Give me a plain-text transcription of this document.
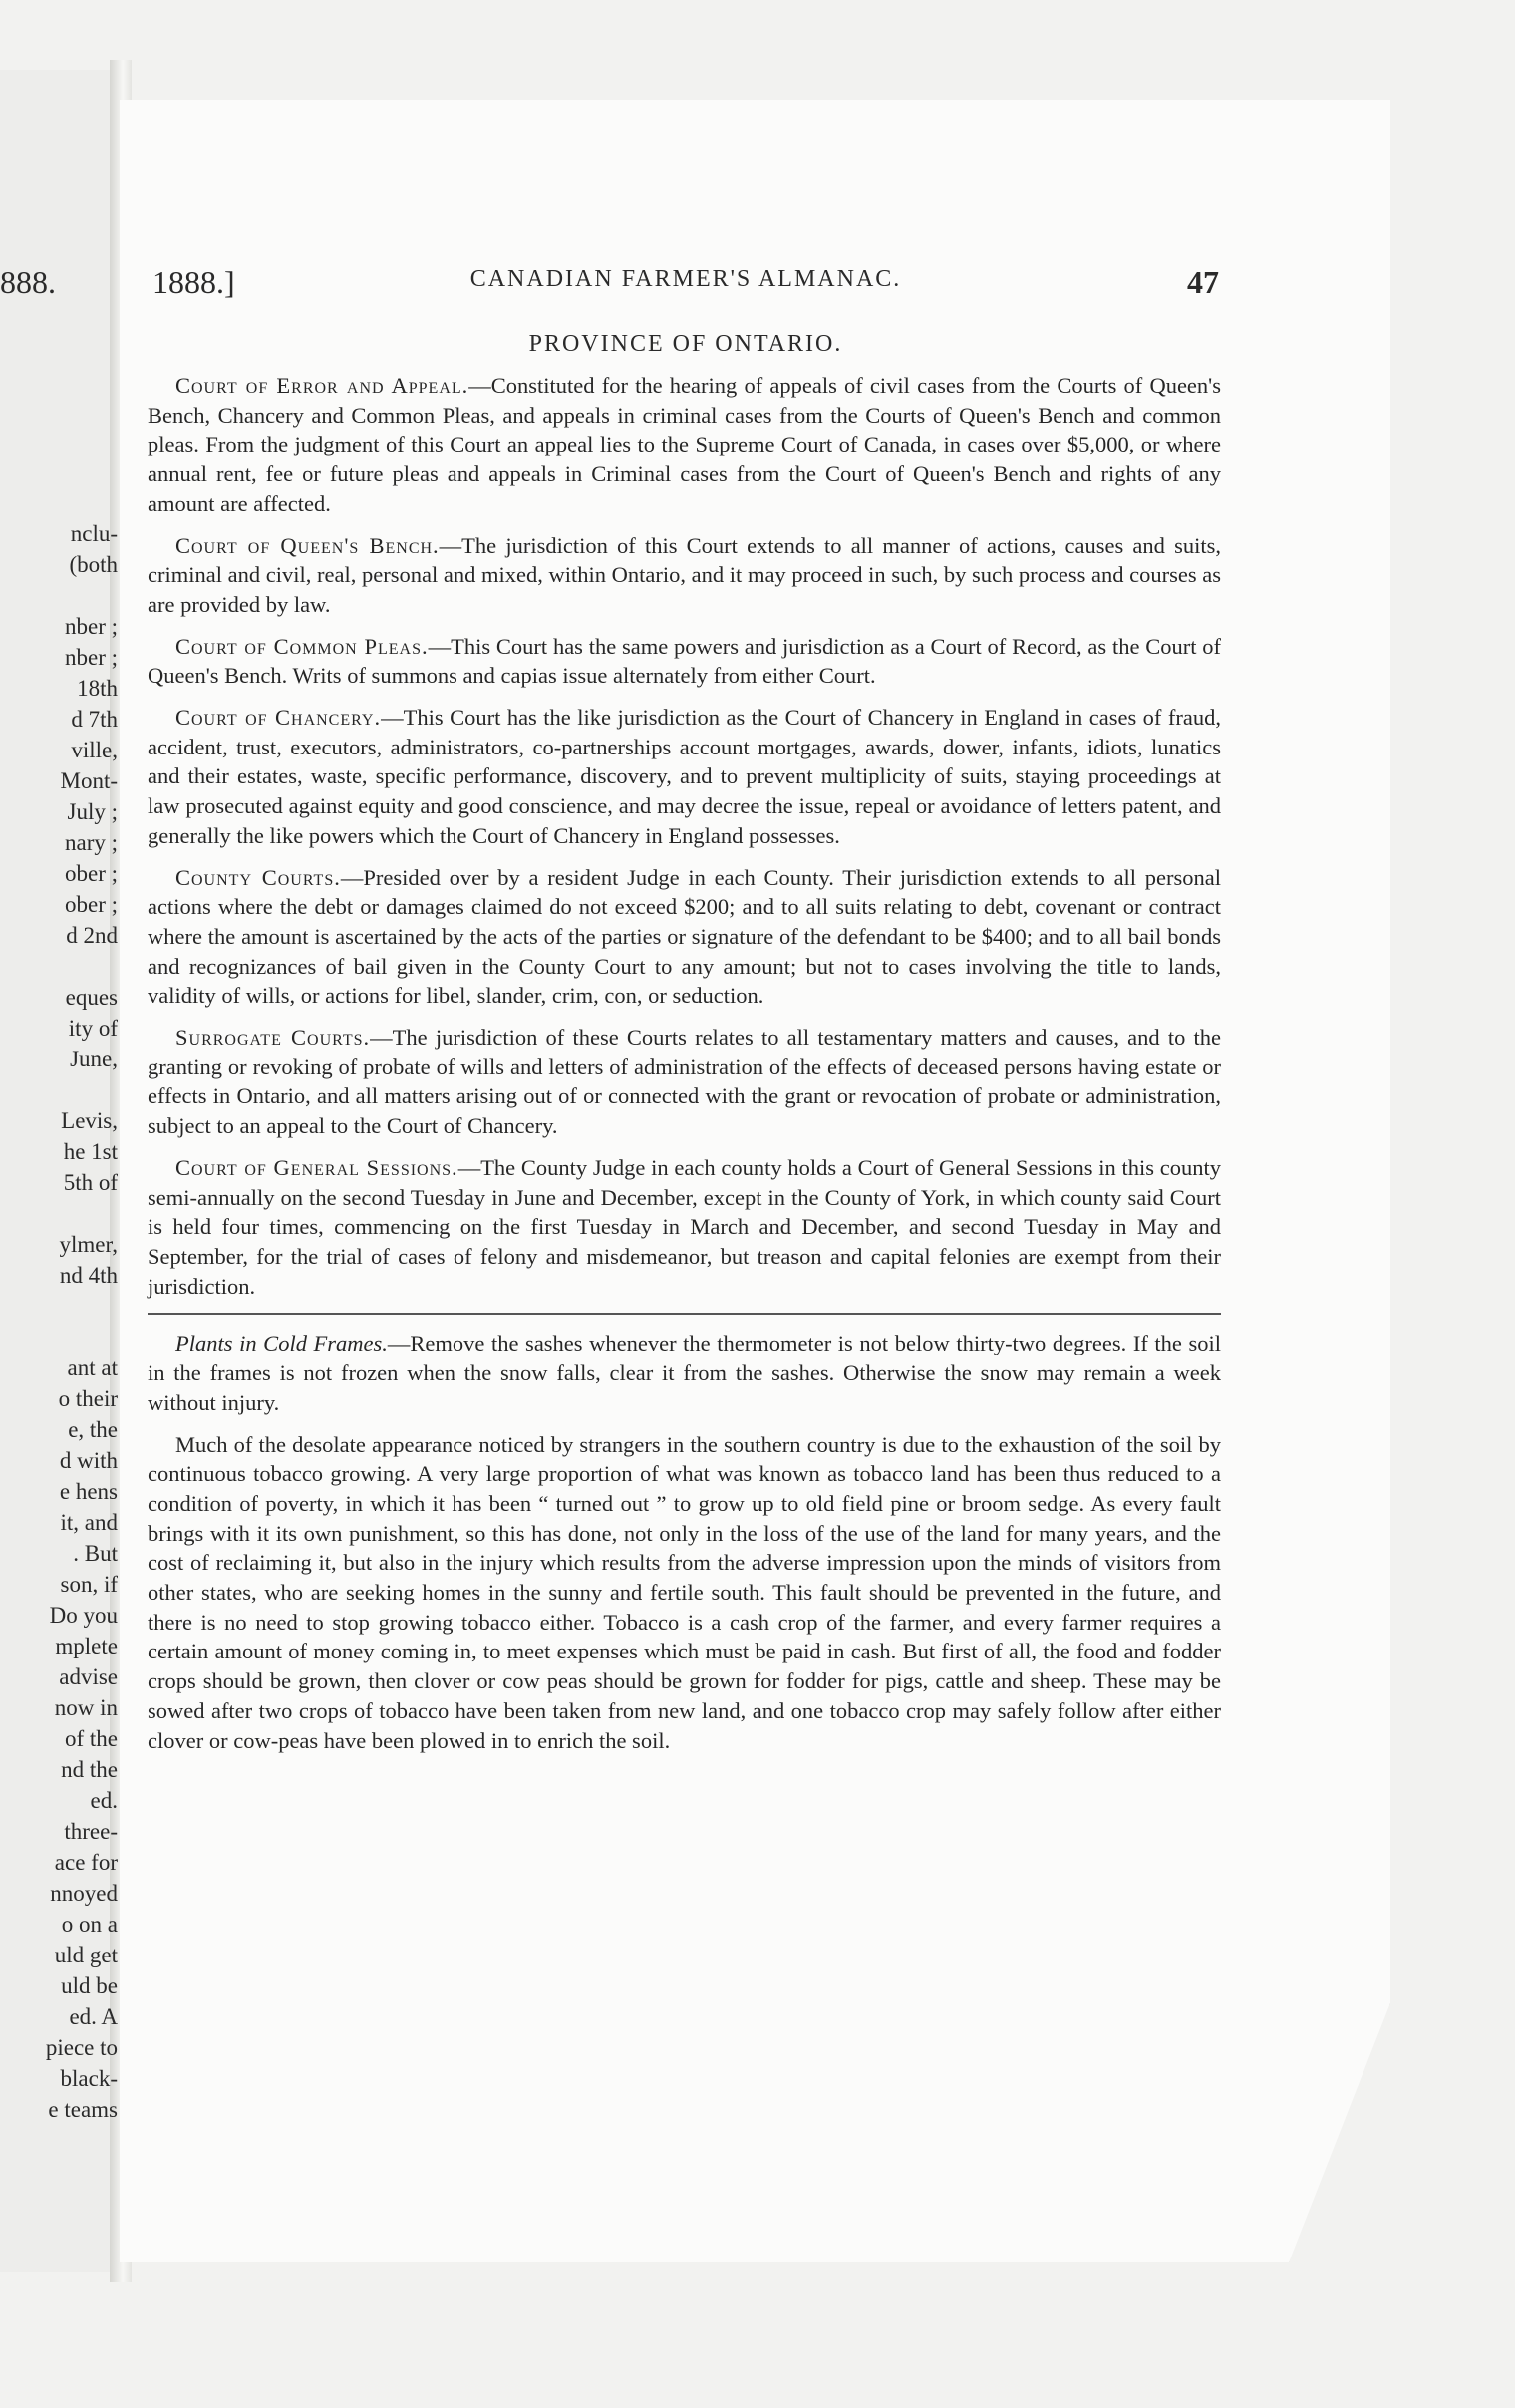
888.
nclu-
(both
nber ;
nber ;
18th
d 7th
ville,
Mont-
July ;
nary ;
ober ;
ober ;
d 2nd
eques
ity of
June,
Levis,
he 1st
5th of
ylmer,
nd 4th
ant at
o their
e, the
d with
e hens
it, and
. But
son, if
Do you
mplete
advise
now in
of the
nd the
ed.
three-
ace for
nnoyed
o on a
uld get
uld be
ed. A
piece to
black-
e teams
1888.]	CANADIAN FARMER'S ALMANAC.	47
PROVINCE OF ONTARIO.

Court of Error and Appeal.—Constituted for the hearing of appeals of civil cases from the Courts of Queen's Bench, Chancery and Common Pleas, and appeals in criminal cases from the Courts of Queen's Bench and common pleas. From the judgment of this Court an appeal lies to the Supreme Court of Canada, in cases over $5,000, or where annual rent, fee or future pleas and appeals in Criminal cases from the Court of Queen's Bench and rights of any amount are affected.

Court of Queen's Bench.—The jurisdiction of this Court extends to all manner of actions, causes and suits, criminal and civil, real, personal and mixed, within Ontario, and it may proceed in such, by such process and courses as are provided by law.

Court of Common Pleas.—This Court has the same powers and jurisdiction as a Court of Record, as the Court of Queen's Bench. Writs of summons and capias issue alternately from either Court.

Court of Chancery.—This Court has the like jurisdiction as the Court of Chancery in England in cases of fraud, accident, trust, executors, administrators, co-partnerships account mortgages, awards, dower, infants, idiots, lunatics and their estates, waste, specific performance, discovery, and to prevent multiplicity of suits, staying proceedings at law prosecuted against equity and good conscience, and may decree the issue, repeal or avoidance of letters patent, and generally the like powers which the Court of Chancery in England possesses.

County Courts.—Presided over by a resident Judge in each County. Their jurisdiction extends to all personal actions where the debt or damages claimed do not exceed $200; and to all suits relating to debt, covenant or contract where the amount is ascertained by the acts of the parties or signature of the defendant to be $400; and to all bail bonds and recognizances of bail given in the County Court to any amount; but not to cases involving the title to lands, validity of wills, or actions for libel, slander, crim, con, or seduction.

Surrogate Courts.—The jurisdiction of these Courts relates to all testamentary matters and causes, and to the granting or revoking of probate of wills and letters of administration of the effects of deceased persons having estate or effects in Ontario, and all matters arising out of or connected with the grant or revocation of probate or administration, subject to an appeal to the Court of Chancery.

Court of General Sessions.—The County Judge in each county holds a Court of General Sessions in this county semi-annually on the second Tuesday in June and December, except in the County of York, in which county said Court is held four times, commencing on the first Tuesday in March and December, and second Tuesday in May and September, for the trial of cases of felony and misdemeanor, but treason and capital felonies are exempt from their jurisdiction.

Plants in Cold Frames.—Remove the sashes whenever the thermometer is not below thirty-two degrees. If the soil in the frames is not frozen when the snow falls, clear it from the sashes. Otherwise the snow may remain a week without injury.

Much of the desolate appearance noticed by strangers in the southern country is due to the exhaustion of the soil by continuous tobacco growing. A very large proportion of what was known as tobacco land has been thus reduced to a condition of poverty, in which it has been “ turned out ” to grow up to old field pine or broom sedge. As every fault brings with it its own punishment, so this has done, not only in the loss of the use of the land for many years, and the cost of reclaiming it, but also in the injury which results from the adverse impression upon the minds of visitors from other states, who are seeking homes in the sunny and fertile south. This fault should be prevented in the future, and there is no need to stop growing tobacco either. Tobacco is a cash crop of the farmer, and every farmer requires a certain amount of money coming in, to meet expenses which must be paid in cash. But first of all, the food and fodder crops should be grown, then clover or cow peas should be grown for fodder for pigs, cattle and sheep. These may be sowed after two crops of tobacco have been taken from new land, and one tobacco crop may safely follow after either clover or cow-peas have been plowed in to enrich the soil.
